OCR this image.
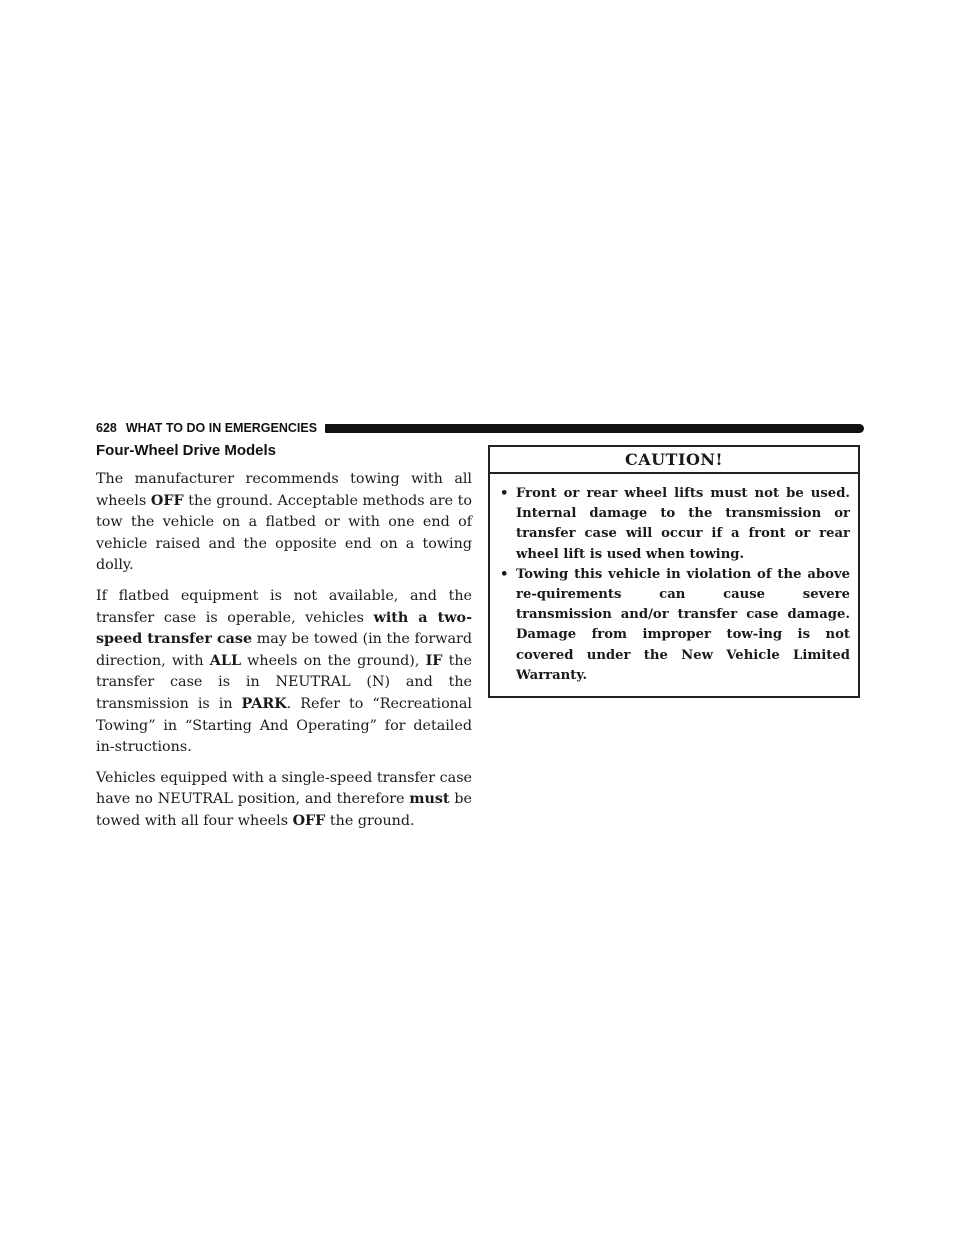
628 WHAT TO DO IN EMERGENCIES
Four-Wheel Drive Models

The manufacturer recommends towing with all wheels OFF the ground. Acceptable methods are to tow the vehicle on a flatbed or with one end of vehicle raised and the opposite end on a towing dolly.

If flatbed equipment is not available, and the transfer case is operable, vehicles with a two-speed transfer case may be towed (in the forward direction, with ALL wheels on the ground), IF the transfer case is in NEUTRAL (N) and the transmission is in PARK. Refer to “Recreational Towing” in “Starting And Operating” for detailed in-structions.

Vehicles equipped with a single-speed transfer case have no NEUTRAL position, and therefore must be towed with all four wheels OFF the ground.

CAUTION!
• Front or rear wheel lifts must not be used. Internal damage to the transmission or transfer case will occur if a front or rear wheel lift is used when towing.
• Towing this vehicle in violation of the above re-quirements can cause severe transmission and/or transfer case damage. Damage from improper tow-ing is not covered under the New Vehicle Limited Warranty.
